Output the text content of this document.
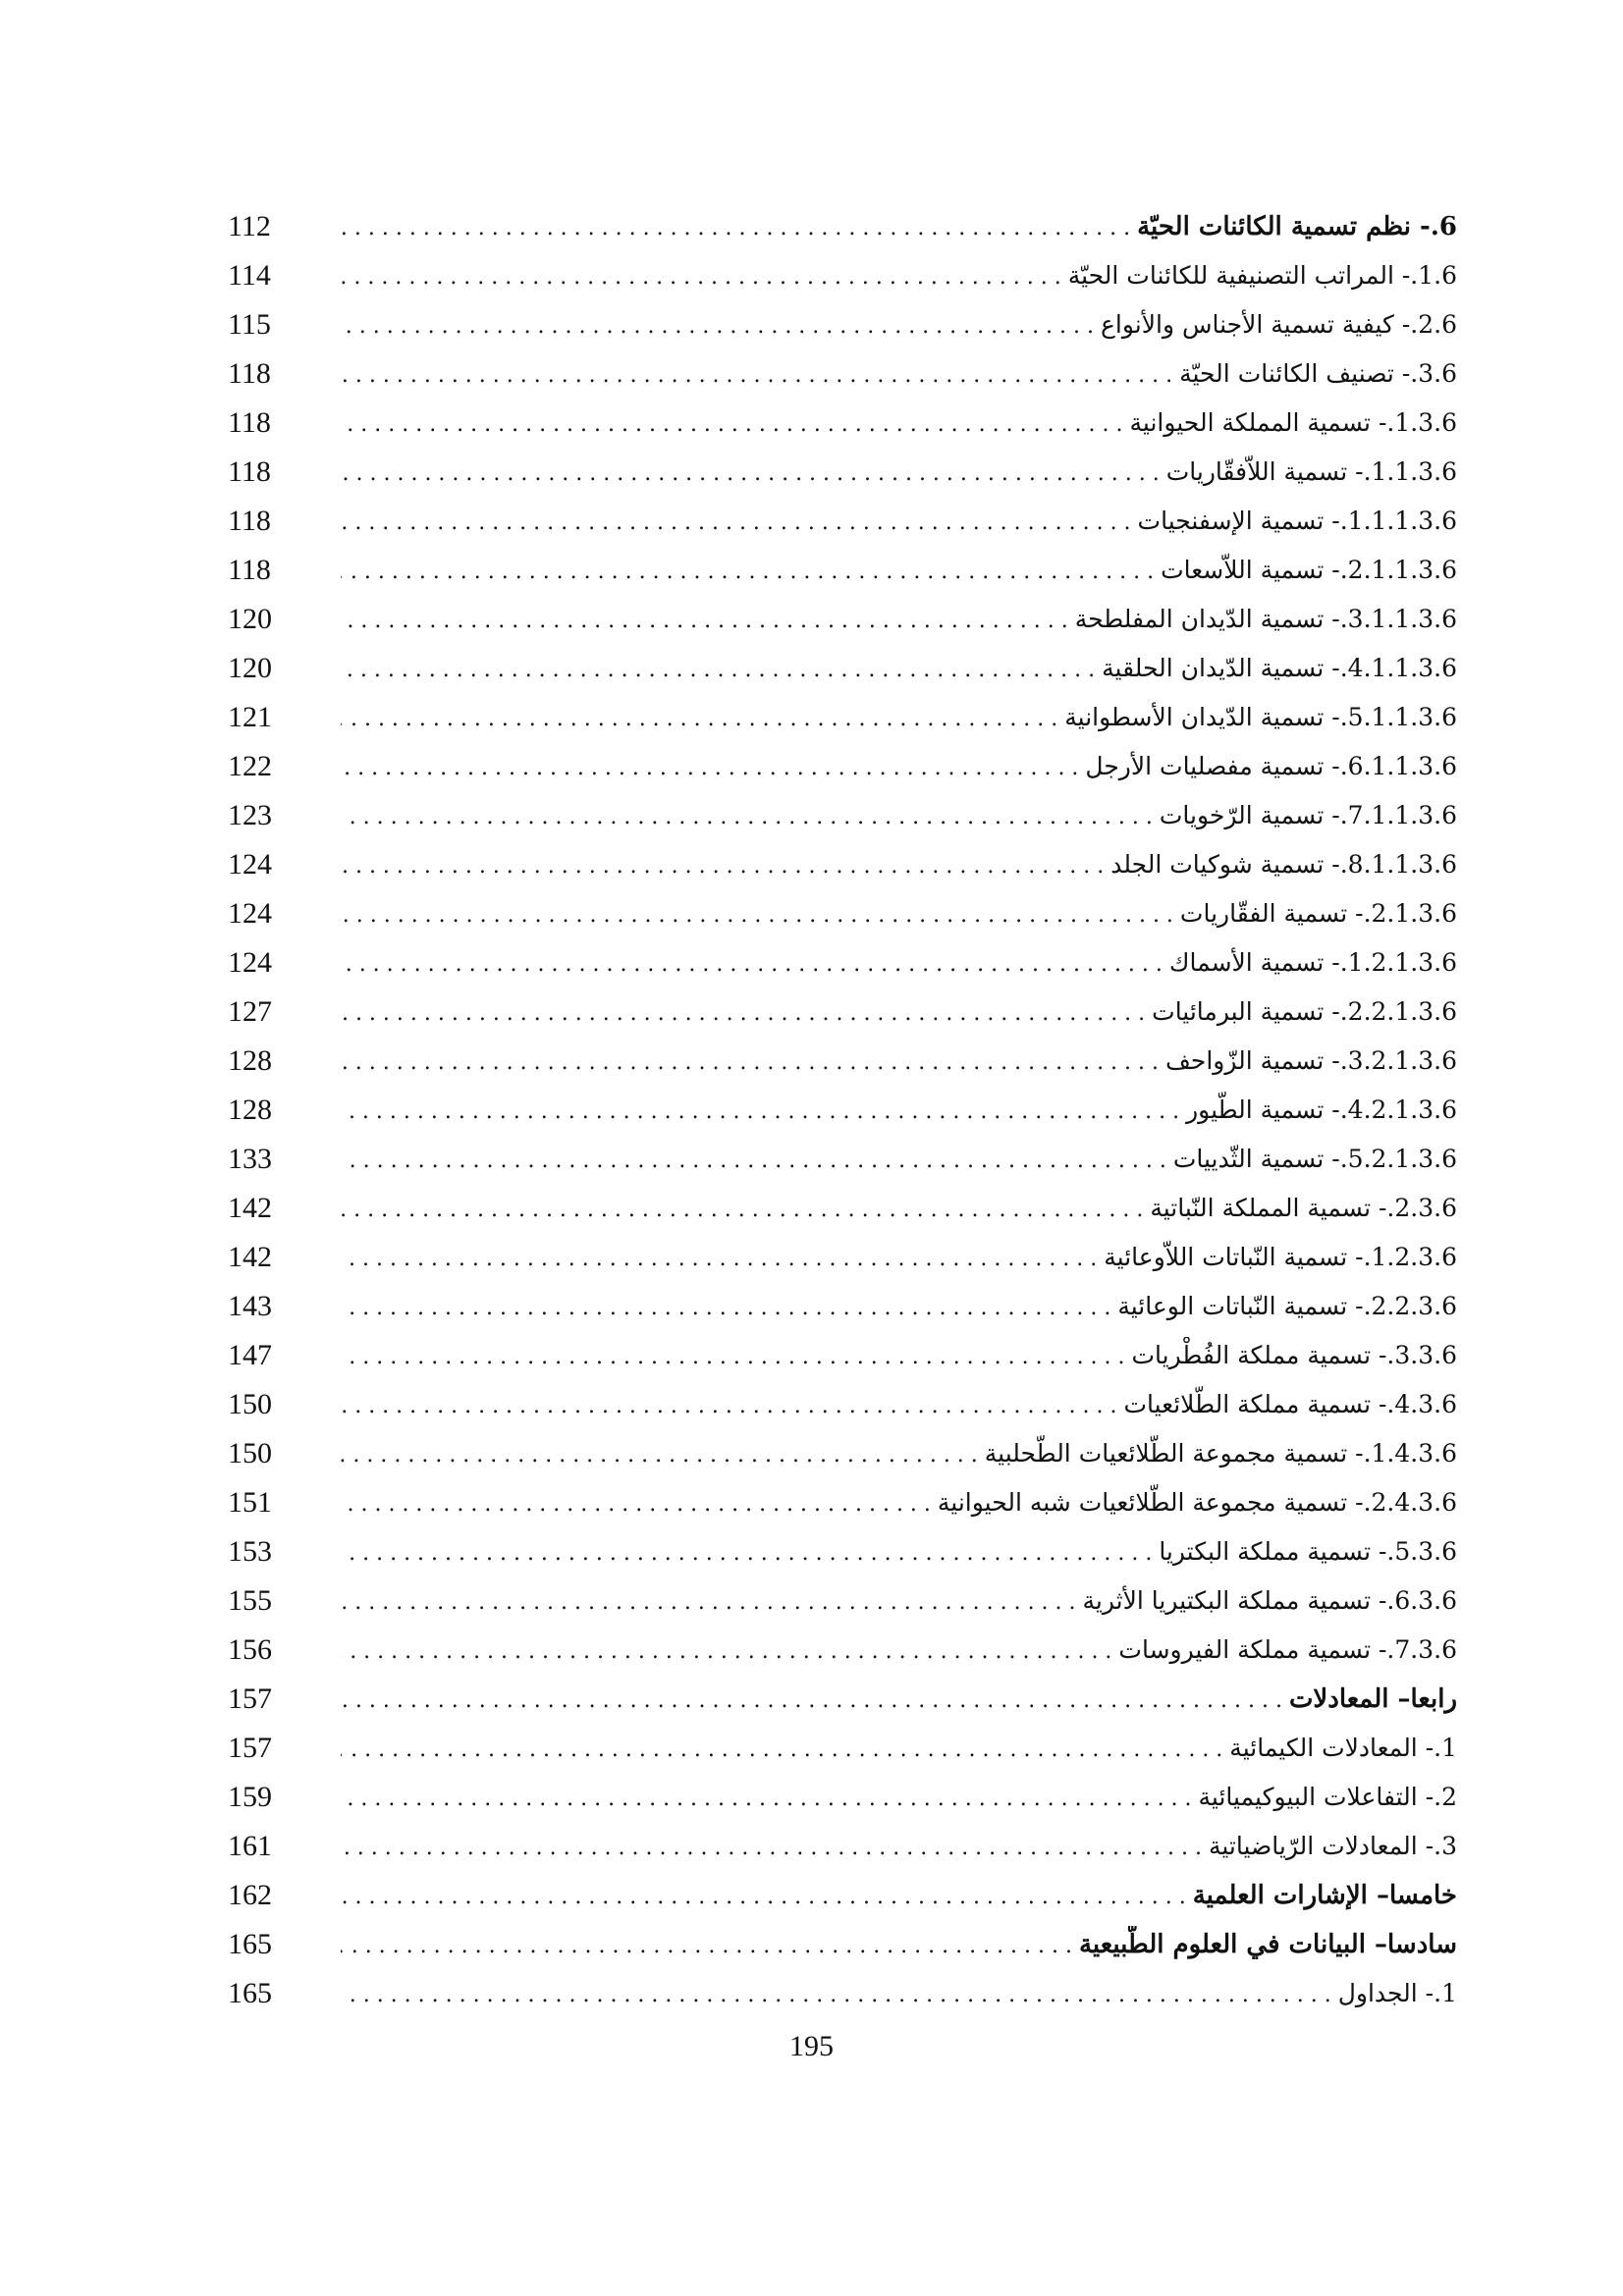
112	6.- نظم تسمية الكائنات الحيّة . . .
114	1.6.- المراتب التصنيفية للكائنات الحيّة . . .
115	2.6.- كيفية تسمية الأجناس والأنواع . . .
118	3.6.- تصنيف الكائنات الحيّة . . .
118	1.3.6.- تسمية المملكة الحيوانية . . .
118	1.1.3.6.- تسمية اللاّفقّاريات . . .
118	1.1.1.3.6.- تسمية الإسفنجيات . . .
118	2.1.1.3.6.- تسمية اللاّسعات . . .
120	3.1.1.3.6.- تسمية الدّيدان المفلطحة . . .
120	4.1.1.3.6.- تسمية الدّيدان الحلقية . . .
121	5.1.1.3.6.- تسمية الدّيدان الأسطوانية . . .
122	6.1.1.3.6.- تسمية مفصليات الأرجل . . .
123	7.1.1.3.6.- تسمية الرّخويات . . .
124	8.1.1.3.6.- تسمية شوكيات الجلد . . .
124	2.1.3.6.- تسمية الفقّاريات . . .
124	1.2.1.3.6.- تسمية الأسماك . . .
127	2.2.1.3.6.- تسمية البرمائيات . . .
128	3.2.1.3.6.- تسمية الزّواحف . . .
128	4.2.1.3.6.- تسمية الطّيور . . .
133	5.2.1.3.6.- تسمية الثّدييات . . .
142	2.3.6.- تسمية المملكة النّباتية . . .
142	1.2.3.6.- تسمية النّباتات اللاّوعائية . . .
143	2.2.3.6.- تسمية النّباتات الوعائية . . .
147	3.3.6.- تسمية مملكة الفُطْريات . . .
150	4.3.6.- تسمية مملكة الطّلائعيات . . .
150	1.4.3.6.- تسمية مجموعة الطّلائعيات الطّحلبية . . .
151	2.4.3.6.- تسمية مجموعة الطّلائعيات شبه الحيوانية . . .
153	5.3.6.- تسمية مملكة البكتريا . . .
155	6.3.6.- تسمية مملكة البكتيريا الأثرية . . .
156	7.3.6.- تسمية مملكة الفيروسات . . .
157	رابعا– المعادلات . . .
157	1.- المعادلات الكيمائية . . .
159	2.- التفاعلات البيوكيميائية . . .
161	3.- المعادلات الرّياضياتية . . .
162	خامسا– الإشارات العلمية . . .
165	سادسا– البيانات في العلوم الطّبيعية . . .
165	1.- الجداول . . .
195
